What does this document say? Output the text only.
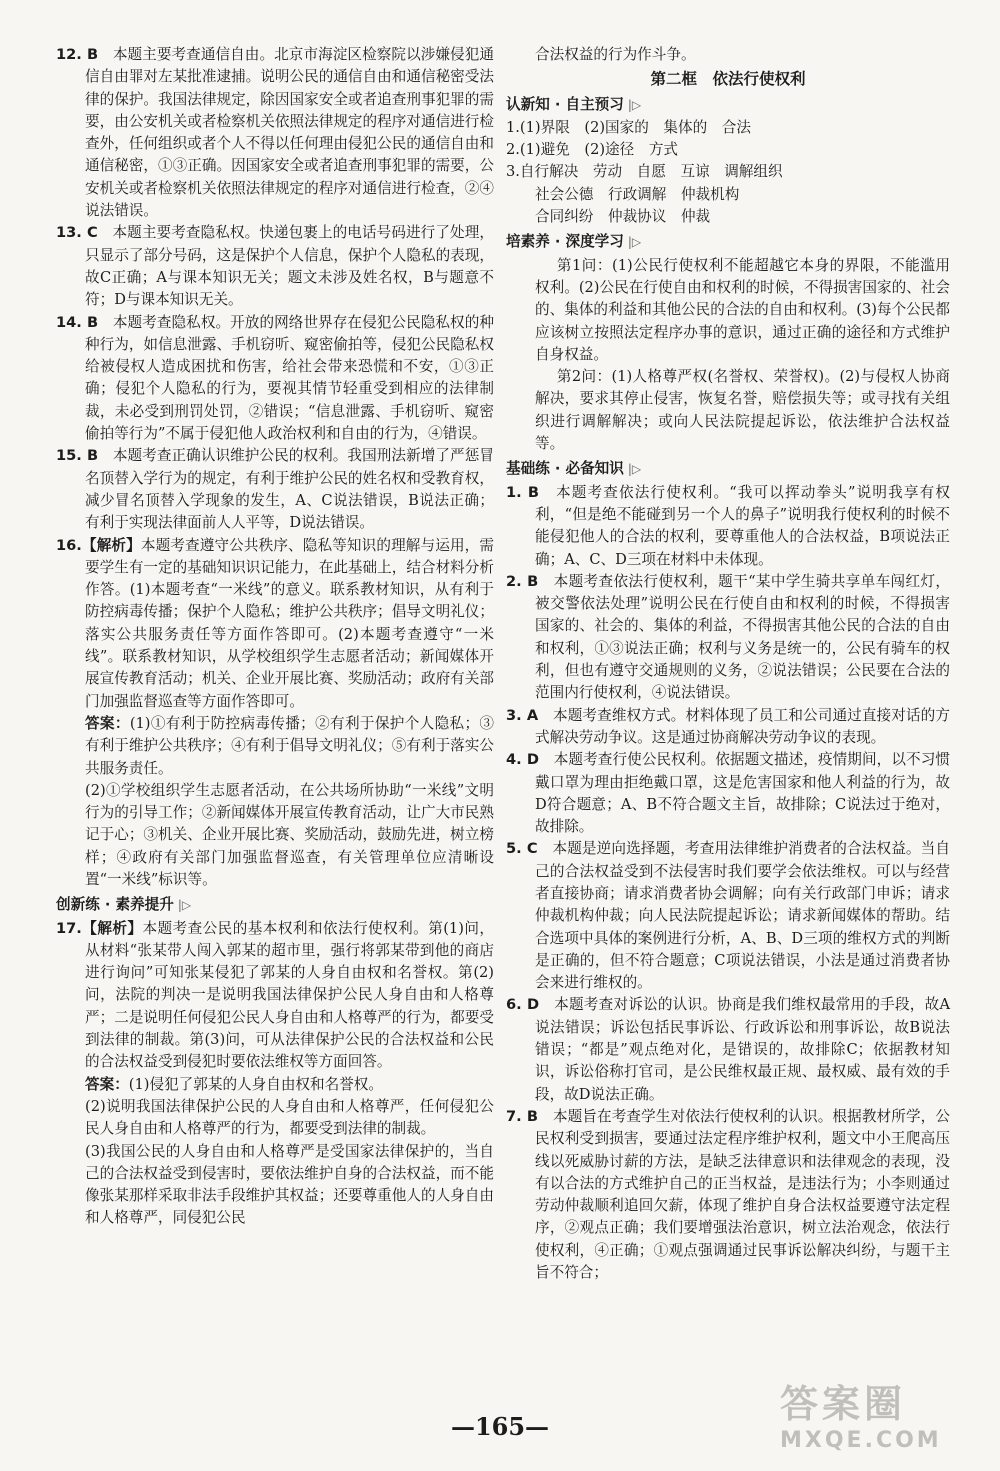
12. B　 本题主要考查通信自由。北京市海淀区检察院以涉嫌侵犯通信自由罪对左某批准逮捕。说明公民的通信自由和通信秘密受法律的保护。我国法律规定，除因国家安全或者追查刑事犯罪的需要，由公安机关或者检察机关依照法律规定的程序对通信进行检查外，任何组织或者个人不得以任何理由侵犯公民的通信自由和通信秘密，①③正确。因国家安全或者追查刑事犯罪的需要，公安机关或者检察机关依照法律规定的程序对通信进行检查，②④说法错误。

13. C　 本题主要考查隐私权。快递包裹上的电话号码进行了处理，只显示了部分号码，这是保护个人信息，保护个人隐私的表现，故C正确；A与课本知识无关；题文未涉及姓名权，B与题意不符；D与课本知识无关。

14. B　 本题考查隐私权。开放的网络世界存在侵犯公民隐私权的种种行为，如信息泄露、手机窃听、窥密偷拍等，侵犯公民隐私权给被侵权人造成困扰和伤害，给社会带来恐慌和不安，①③正确；侵犯个人隐私的行为，要视其情节轻重受到相应的法律制裁，未必受到刑罚处罚，②错误；“信息泄露、手机窃听、窥密偷拍等行为”不属于侵犯他人政治权利和自由的行为，④错误。

15. B　 本题考查正确认识维护公民的权利。我国刑法新增了严惩冒名顶替入学行为的规定，有利于维护公民的姓名权和受教育权，减少冒名顶替入学现象的发生，A、C说法错误，B说法正确；有利于实现法律面前人人平等，D说法错误。

16.【解析】本题考查遵守公共秩序、隐私等知识的理解与运用，需要学生有一定的基础知识识记能力，在此基础上，结合材料分析作答。(1)本题考查“一米线”的意义。联系教材知识，从有利于防控病毒传播；保护个人隐私；维护公共秩序；倡导文明礼仪；落实公共服务责任等方面作答即可。(2)本题考查遵守“一米线”。联系教材知识，从学校组织学生志愿者活动；新闻媒体开展宣传教育活动；机关、企业开展比赛、奖励活动；政府有关部门加强监督巡查等方面作答即可。

答案：(1)①有利于防控病毒传播；②有利于保护个人隐私；③有利于维护公共秩序；④有利于倡导文明礼仪；⑤有利于落实公共服务责任。

(2)①学校组织学生志愿者活动，在公共场所协助“一米线”文明行为的引导工作；②新闻媒体开展宣传教育活动，让广大市民熟记于心；③机关、企业开展比赛、奖励活动，鼓励先进，树立榜样；④政府有关部门加强监督巡查，有关管理单位应清晰设置“一米线”标识等。

创新练 · 素养提升 |▷

17.【解析】本题考查公民的基本权利和依法行使权利。第(1)问，从材料“张某带人闯入郭某的超市里，强行将郭某带到他的商店进行询问”可知张某侵犯了郭某的人身自由权和名誉权。第(2)问，法院的判决一是说明我国法律保护公民人身自由和人格尊严；二是说明任何侵犯公民人身自由和人格尊严的行为，都要受到法律的制裁。第(3)问，可从法律保护公民的合法权益和公民的合法权益受到侵犯时要依法维权等方面回答。

答案：(1)侵犯了郭某的人身自由权和名誉权。

(2)说明我国法律保护公民的人身自由和人格尊严，任何侵犯公民人身自由和人格尊严的行为，都要受到法律的制裁。

(3)我国公民的人身自由和人格尊严是受国家法律保护的，当自己的合法权益受到侵害时，要依法维护自身的合法权益，而不能像张某那样采取非法手段维护其权益；还要尊重他人的人身自由和人格尊严，同侵犯公民

合法权益的行为作斗争。

第二框　依法行使权利
认新知 · 自主预习 |▷

1.(1)界限　(2)国家的　集体的　合法

2.(1)避免　(2)途径　方式

3.自行解决　劳动　自愿　互谅　调解组织

社会公德　行政调解　仲裁机构

合同纠纷　仲裁协议　仲裁

培素养 · 深度学习 |▷

第1问：(1)公民行使权利不能超越它本身的界限，不能滥用权利。(2)公民在行使自由和权利的时候，不得损害国家的、社会的、集体的利益和其他公民的合法的自由和权利。(3)每个公民都应该树立按照法定程序办事的意识，通过正确的途径和方式维护自身权益。

第2问：(1)人格尊严权(名誉权、荣誉权)。(2)与侵权人协商解决，要求其停止侵害，恢复名誉，赔偿损失等；或寻找有关组织进行调解解决；或向人民法院提起诉讼，依法维护合法权益等。

基础练 · 必备知识 |▷

1. B　 本题考查依法行使权利。“我可以挥动拳头”说明我享有权利，“但是绝不能碰到另一个人的鼻子”说明我行使权利的时候不能侵犯他人的合法的权利，要尊重他人的合法权益，B项说法正确；A、C、D三项在材料中未体现。

2. B　 本题考查依法行使权利，题干“某中学生骑共享单车闯红灯，被交警依法处理”说明公民在行使自由和权利的时候，不得损害国家的、社会的、集体的利益，不得损害其他公民的合法的自由和权利，①③说法正确；权利与义务是统一的，公民有骑车的权利，但也有遵守交通规则的义务，②说法错误；公民要在合法的范围内行使权利，④说法错误。

3. A　 本题考查维权方式。材料体现了员工和公司通过直接对话的方式解决劳动争议。这是通过协商解决劳动争议的表现。

4. D　 本题考查行使公民权利。依据题文描述，疫情期间，以不习惯戴口罩为理由拒绝戴口罩，这是危害国家和他人利益的行为，故D符合题意；A、B不符合题文主旨，故排除；C说法过于绝对，故排除。

5. C　 本题是逆向选择题，考查用法律维护消费者的合法权益。当自己的合法权益受到不法侵害时我们要学会依法维权。可以与经营者直接协商；请求消费者协会调解；向有关行政部门申诉；请求仲裁机构仲裁；向人民法院提起诉讼；请求新闻媒体的帮助。结合选项中具体的案例进行分析，A、B、D三项的维权方式的判断是正确的，但不符合题意；C项说法错误，小法是通过消费者协会来进行维权的。

6. D　 本题考查对诉讼的认识。协商是我们维权最常用的手段，故A说法错误；诉讼包括民事诉讼、行政诉讼和刑事诉讼，故B说法错误；“都是”观点绝对化，是错误的，故排除C；依据教材知识，诉讼俗称打官司，是公民维权最正规、最权威、最有效的手段，故D说法正确。

7. B　 本题旨在考查学生对依法行使权利的认识。根据教材所学，公民权利受到损害，要通过法定程序维护权利，题文中小王爬高压线以死威胁讨薪的方法，是缺乏法律意识和法律观念的表现，没有以合法的方式维护自己的正当权益，是违法行为；小李则通过劳动仲裁顺利追回欠薪，体现了维护自身合法权益要遵守法定程序，②观点正确；我们要增强法治意识，树立法治观念，依法行使权利，④正确；①观点强调通过民事诉讼解决纠纷，与题干主旨不符合；

—165—
答案圈
MXQE.COM
